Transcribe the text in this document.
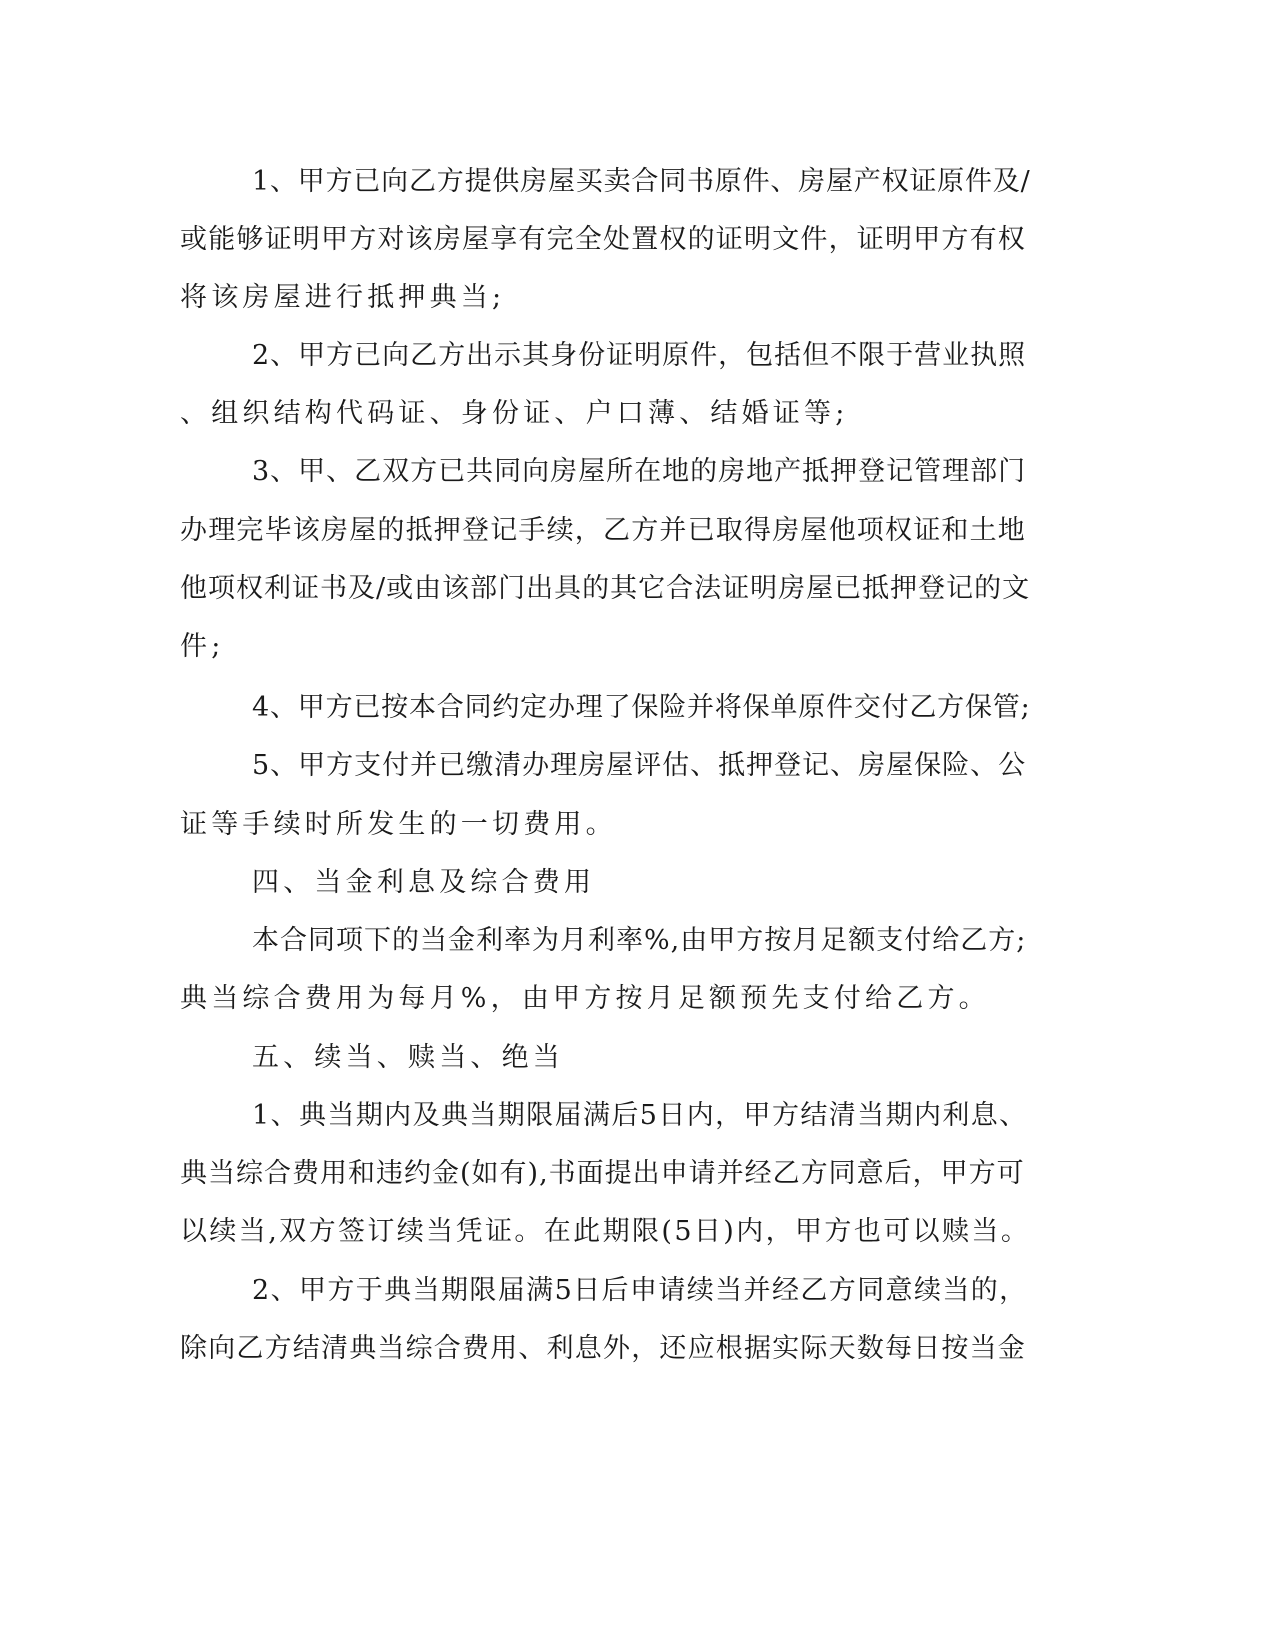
1、甲方已向乙方提供房屋买卖合同书原件、房屋产权证原件及/

或能够证明甲方对该房屋享有完全处置权的证明文件，证明甲方有权

将该房屋进行抵押典当;

2、甲方已向乙方出示其身份证明原件，包括但不限于营业执照

、组织结构代码证、身份证、户口薄、结婚证等;

3、甲、乙双方已共同向房屋所在地的房地产抵押登记管理部门

办理完毕该房屋的抵押登记手续，乙方并已取得房屋他项权证和土地

他项权利证书及/或由该部门出具的其它合法证明房屋已抵押登记的文

件;

4、甲方已按本合同约定办理了保险并将保单原件交付乙方保管;

5、甲方支付并已缴清办理房屋评估、抵押登记、房屋保险、公

证等手续时所发生的一切费用。

四、当金利息及综合费用

本合同项下的当金利率为月利率%,由甲方按月足额支付给乙方;

典当综合费用为每月%，由甲方按月足额预先支付给乙方。

五、续当、赎当、绝当

1、典当期内及典当期限届满后5日内，甲方结清当期内利息、

典当综合费用和违约金(如有),书面提出申请并经乙方同意后，甲方可

以续当,双方签订续当凭证。在此期限(5日)内，甲方也可以赎当。

2、甲方于典当期限届满5日后申请续当并经乙方同意续当的，

除向乙方结清典当综合费用、利息外，还应根据实际天数每日按当金
